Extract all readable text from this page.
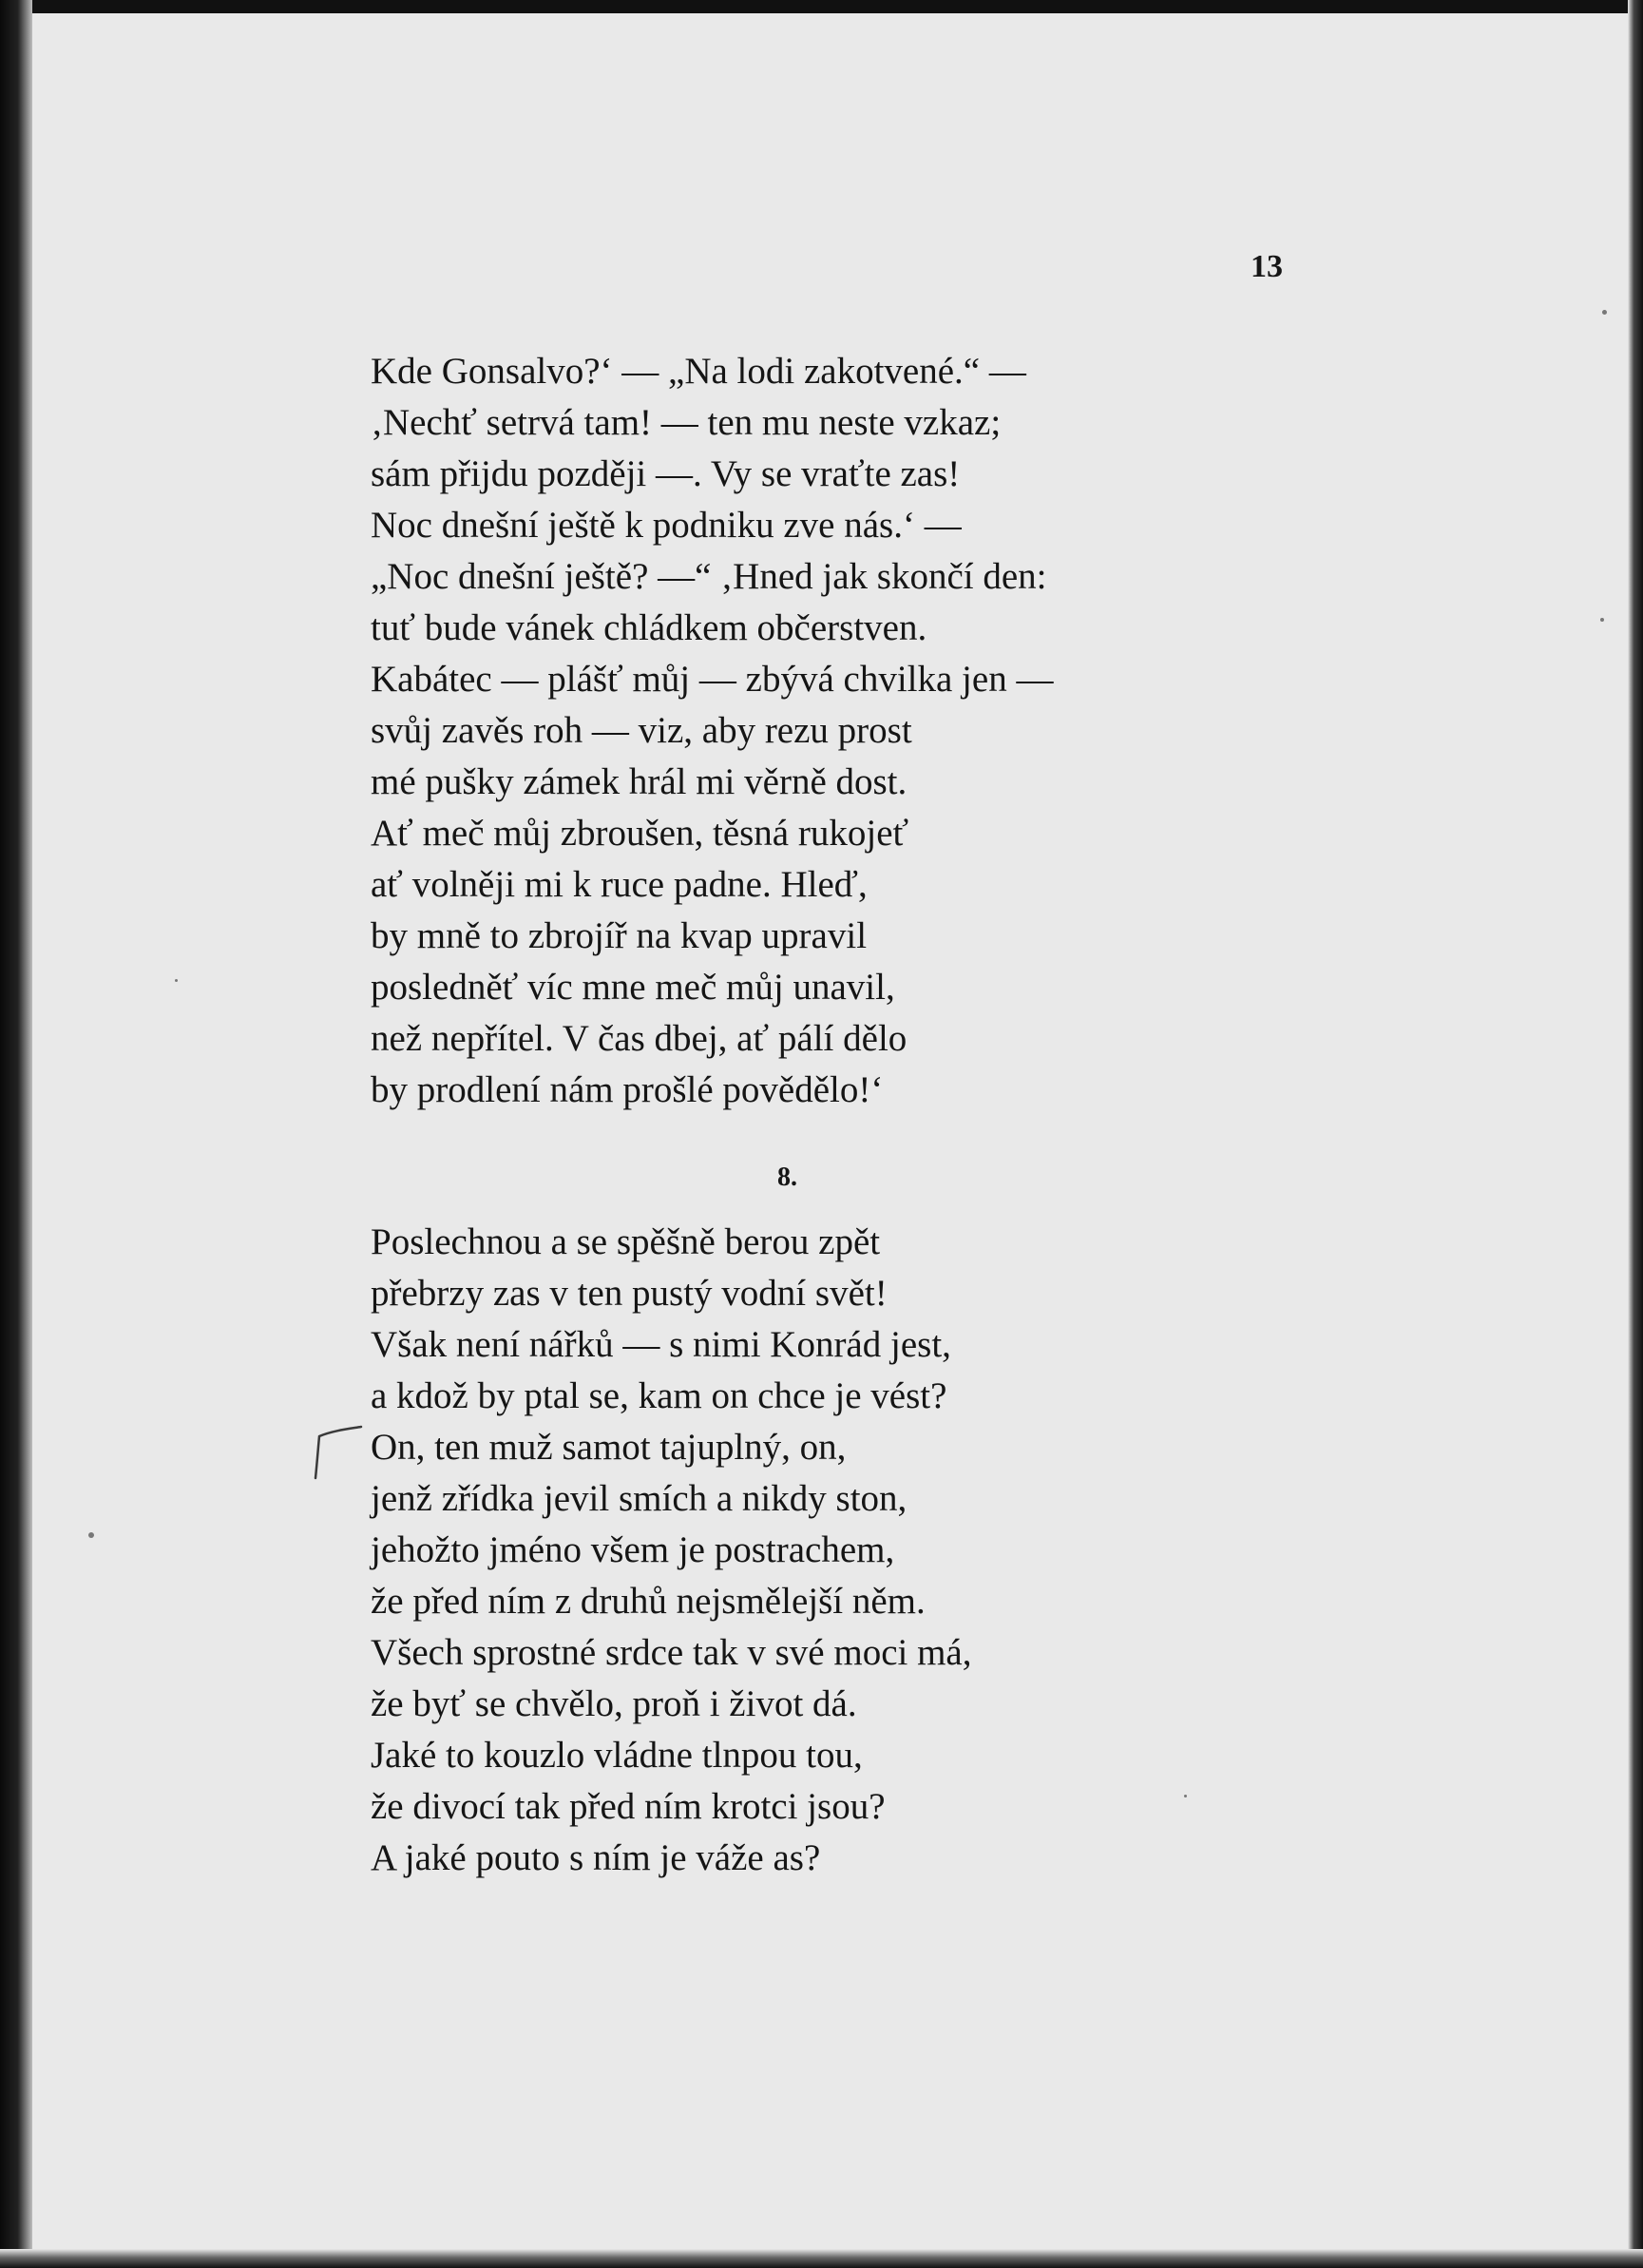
13
Kde Gonsalvo?‘ — „Na lodi zakotvené.“ —
‚Nechť setrvá tam! — ten mu neste vzkaz;
sám přijdu později —. Vy se vraťte zas!
Noc dnešní ještě k podniku zve nás.‘ —
„Noc dnešní ještě? —“ ‚Hned jak skončí den:
tuť bude vánek chládkem občerstven.
Kabátec — plášť můj — zbývá chvilka jen —
svůj zavěs roh — viz, aby rezu prost
mé pušky zámek hrál mi věrně dost.
Ať meč můj zbroušen, těsná rukojeť
ať volněji mi k ruce padne. Hleď,
by mně to zbrojíř na kvap upravil
posledněť víc mne meč můj unavil,
než nepřítel. V čas dbej, ať pálí dělo
by prodlení nám prošlé povědělo!‘
8.
Poslechnou a se spěšně berou zpět
přebrzy zas v ten pustý vodní svět!
Však není nářků — s nimi Konrád jest,
a kdož by ptal se, kam on chce je vést?
On, ten muž samot tajuplný, on,
jenž zřídka jevil smích a nikdy ston,
jehožto jméno všem je postrachem,
že před ním z druhů nejsmělejší něm.
Všech sprostné srdce tak v své moci má,
že byť se chvělo, proň i život dá.
Jaké to kouzlo vládne tlnpou tou,
že divocí tak před ním krotci jsou?
A jaké pouto s ním je váže as?
